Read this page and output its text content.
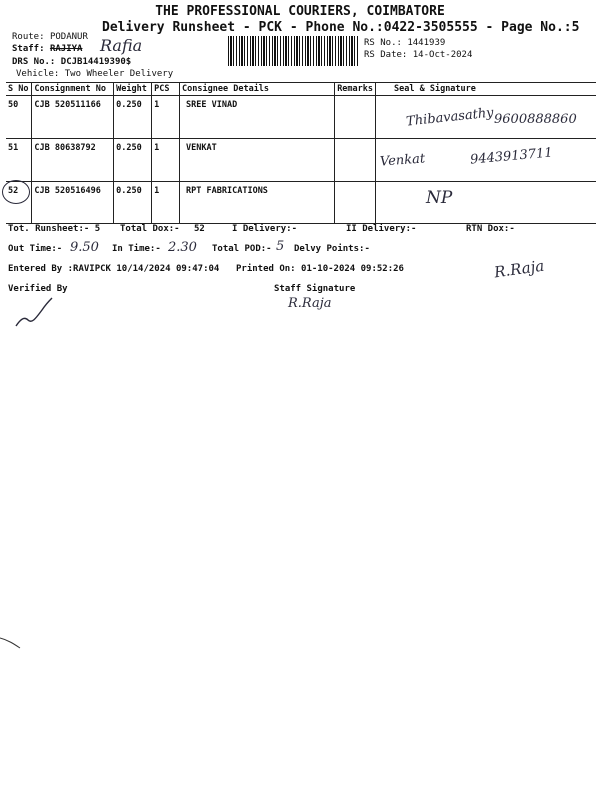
THE PROFESSIONAL COURIERS, COIMBATORE
Delivery Runsheet - PCK - Phone No.:0422-3505555 - Page No.:5
Route: PODANUR
Staff: RAJIYA Rafia
DRS No.: DCJB14419390$
Vehicle: Two Wheeler Delivery
RS No.: 1441939
RS Date: 14-Oct-2024
S No	Consignment No	Weight	PCS	Consignee Details	Remarks	Seal & Signature
50	CJB 520511166	0.250	1	SREE VINAD		Thibavasathy 9600888860

51	CJB 80638792	0.250	1	VENKAT		Venkat 9443913711

52	CJB 520516496	0.250	1	RPT FABRICATIONS		NP
Tot. Runsheet:- 5 Total Dox:- 52	I Delivery:-	II Delivery:-	RTN Dox:-
Out Time:- 9.50 In Time:- 2.30 Total POD:- 5 Delvy Points:-
Entered By :RAVIPCK 10/14/2024 09:47:04 Printed On: 01-10-2024 09:52:26	R.Raja
Verified By	Staff Signature
R.Raja
